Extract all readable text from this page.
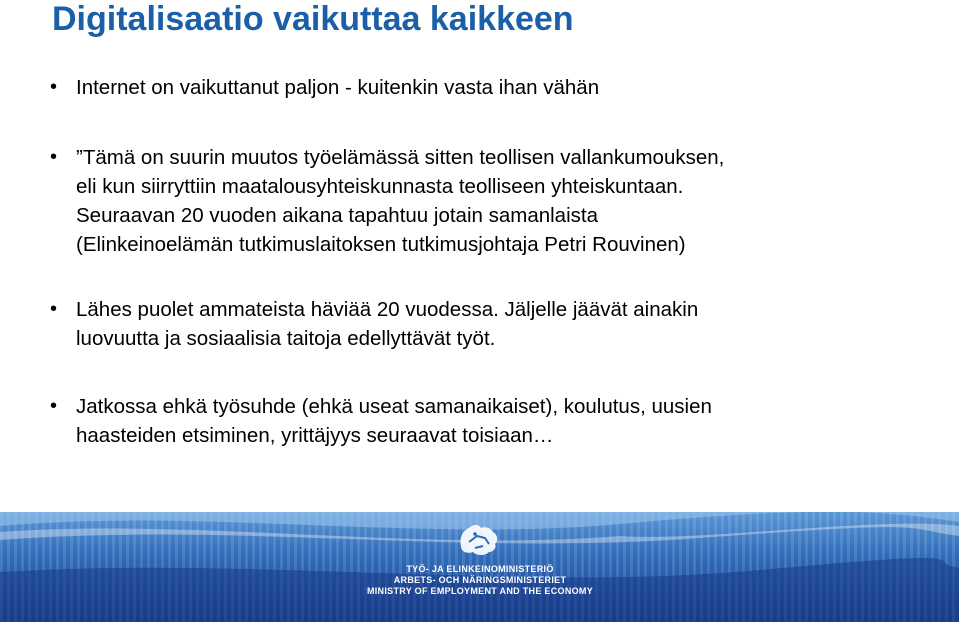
Digitalisaatio vaikuttaa kaikkeen
• Internet on vaikuttanut paljon - kuitenkin vasta ihan vähän
• ”Tämä on suurin muutos työelämässä sitten teollisen vallankumouksen,
eli kun siirryttiin maatalousyhteiskunnasta teolliseen yhteiskuntaan.
Seuraavan 20 vuoden aikana tapahtuu jotain samanlaista
(Elinkeinoelämän tutkimuslaitoksen tutkimusjohtaja Petri Rouvinen)
• Lähes puolet ammateista häviää 20 vuodessa. Jäljelle jäävät ainakin
luovuutta ja sosiaalisia taitoja edellyttävät työt.
• Jatkossa ehkä työsuhde (ehkä useat samanaikaiset), koulutus, uusien
haasteiden etsiminen, yrittäjyys seuraavat toisiaan…
TYÖ- JA ELINKEINOMINISTERIÖ
ARBETS- OCH NÄRINGSMINISTERIET
MINISTRY OF EMPLOYMENT AND THE ECONOMY
